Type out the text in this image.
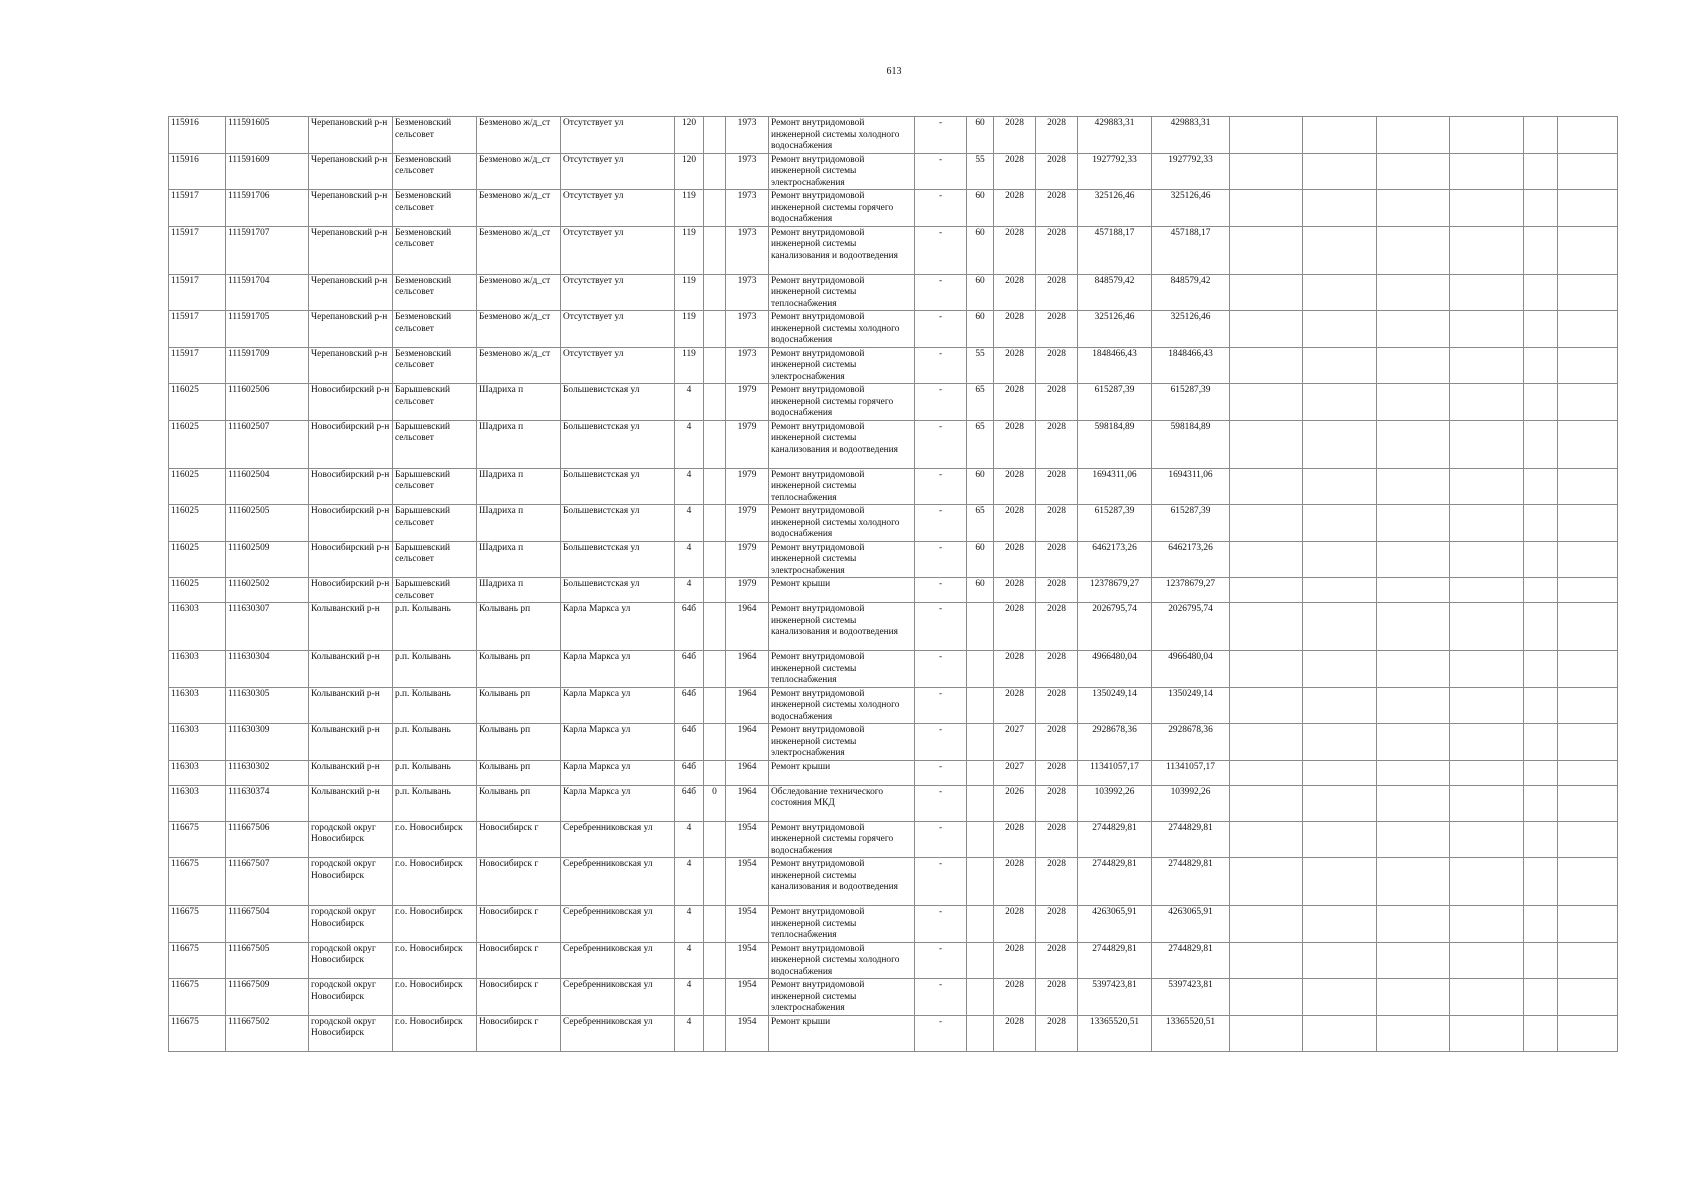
613
115916	111591605	Черепановский р-н	Безменовский сельсовет	Безменово ж/д_ст	Отсутствует ул	120		1973	Ремонт внутридомовой инженерной системы холодного водоснабжения	-	60	2028	2028	429883,31	429883,31						
115916	111591609	Черепановский р-н	Безменовский сельсовет	Безменово ж/д_ст	Отсутствует ул	120		1973	Ремонт внутридомовой инженерной системы электроснабжения	-	55	2028	2028	1927792,33	1927792,33						
115917	111591706	Черепановский р-н	Безменовский сельсовет	Безменово ж/д_ст	Отсутствует ул	119		1973	Ремонт внутридомовой инженерной системы горячего водоснабжения	-	60	2028	2028	325126,46	325126,46						
115917	111591707	Черепановский р-н	Безменовский сельсовет	Безменово ж/д_ст	Отсутствует ул	119		1973	Ремонт внутридомовой инженерной системы канализования и водоотведения	-	60	2028	2028	457188,17	457188,17						
115917	111591704	Черепановский р-н	Безменовский сельсовет	Безменово ж/д_ст	Отсутствует ул	119		1973	Ремонт внутридомовой инженерной системы теплоснабжения	-	60	2028	2028	848579,42	848579,42						
115917	111591705	Черепановский р-н	Безменовский сельсовет	Безменово ж/д_ст	Отсутствует ул	119		1973	Ремонт внутридомовой инженерной системы холодного водоснабжения	-	60	2028	2028	325126,46	325126,46						
115917	111591709	Черепановский р-н	Безменовский сельсовет	Безменово ж/д_ст	Отсутствует ул	119		1973	Ремонт внутридомовой инженерной системы электроснабжения	-	55	2028	2028	1848466,43	1848466,43						
116025	111602506	Новосибирский р-н	Барышевский сельсовет	Шадриха п	Большевистская ул	4		1979	Ремонт внутридомовой инженерной системы горячего водоснабжения	-	65	2028	2028	615287,39	615287,39						
116025	111602507	Новосибирский р-н	Барышевский сельсовет	Шадриха п	Большевистская ул	4		1979	Ремонт внутридомовой инженерной системы канализования и водоотведения	-	65	2028	2028	598184,89	598184,89						
116025	111602504	Новосибирский р-н	Барышевский сельсовет	Шадриха п	Большевистская ул	4		1979	Ремонт внутридомовой инженерной системы теплоснабжения	-	60	2028	2028	1694311,06	1694311,06						
116025	111602505	Новосибирский р-н	Барышевский сельсовет	Шадриха п	Большевистская ул	4		1979	Ремонт внутридомовой инженерной системы холодного водоснабжения	-	65	2028	2028	615287,39	615287,39						
116025	111602509	Новосибирский р-н	Барышевский сельсовет	Шадриха п	Большевистская ул	4		1979	Ремонт внутридомовой инженерной системы электроснабжения	-	60	2028	2028	6462173,26	6462173,26						
116025	111602502	Новосибирский р-н	Барышевский сельсовет	Шадриха п	Большевистская ул	4		1979	Ремонт крыши	-	60	2028	2028	12378679,27	12378679,27						
116303	111630307	Колыванский р-н	р.п. Колывань	Колывань рп	Карла Маркса ул	64б		1964	Ремонт внутридомовой инженерной системы канализования и водоотведения	-		2028	2028	2026795,74	2026795,74						
116303	111630304	Колыванский р-н	р.п. Колывань	Колывань рп	Карла Маркса ул	64б		1964	Ремонт внутридомовой инженерной системы теплоснабжения	-		2028	2028	4966480,04	4966480,04						
116303	111630305	Колыванский р-н	р.п. Колывань	Колывань рп	Карла Маркса ул	64б		1964	Ремонт внутридомовой инженерной системы холодного водоснабжения	-		2028	2028	1350249,14	1350249,14						
116303	111630309	Колыванский р-н	р.п. Колывань	Колывань рп	Карла Маркса ул	64б		1964	Ремонт внутридомовой инженерной системы электроснабжения	-		2027	2028	2928678,36	2928678,36						
116303	111630302	Колыванский р-н	р.п. Колывань	Колывань рп	Карла Маркса ул	64б		1964	Ремонт крыши	-		2027	2028	11341057,17	11341057,17						
116303	111630374	Колыванский р-н	р.п. Колывань	Колывань рп	Карла Маркса ул	64б	0	1964	Обследование технического состояния МКД	-		2026	2028	103992,26	103992,26						
116675	111667506	городской округ Новосибирск	г.о. Новосибирск	Новосибирск г	Серебренниковская ул	4		1954	Ремонт внутридомовой инженерной системы горячего водоснабжения	-		2028	2028	2744829,81	2744829,81						
116675	111667507	городской округ Новосибирск	г.о. Новосибирск	Новосибирск г	Серебренниковская ул	4		1954	Ремонт внутридомовой инженерной системы канализования и водоотведения	-		2028	2028	2744829,81	2744829,81						
116675	111667504	городской округ Новосибирск	г.о. Новосибирск	Новосибирск г	Серебренниковская ул	4		1954	Ремонт внутридомовой инженерной системы теплоснабжения	-		2028	2028	4263065,91	4263065,91						
116675	111667505	городской округ Новосибирск	г.о. Новосибирск	Новосибирск г	Серебренниковская ул	4		1954	Ремонт внутридомовой инженерной системы холодного водоснабжения	-		2028	2028	2744829,81	2744829,81						
116675	111667509	городской округ Новосибирск	г.о. Новосибирск	Новосибирск г	Серебренниковская ул	4		1954	Ремонт внутридомовой инженерной системы электроснабжения	-		2028	2028	5397423,81	5397423,81						
116675	111667502	городской округ Новосибирск	г.о. Новосибирск	Новосибирск г	Серебренниковская ул	4		1954	Ремонт крыши	-		2028	2028	13365520,51	13365520,51						
